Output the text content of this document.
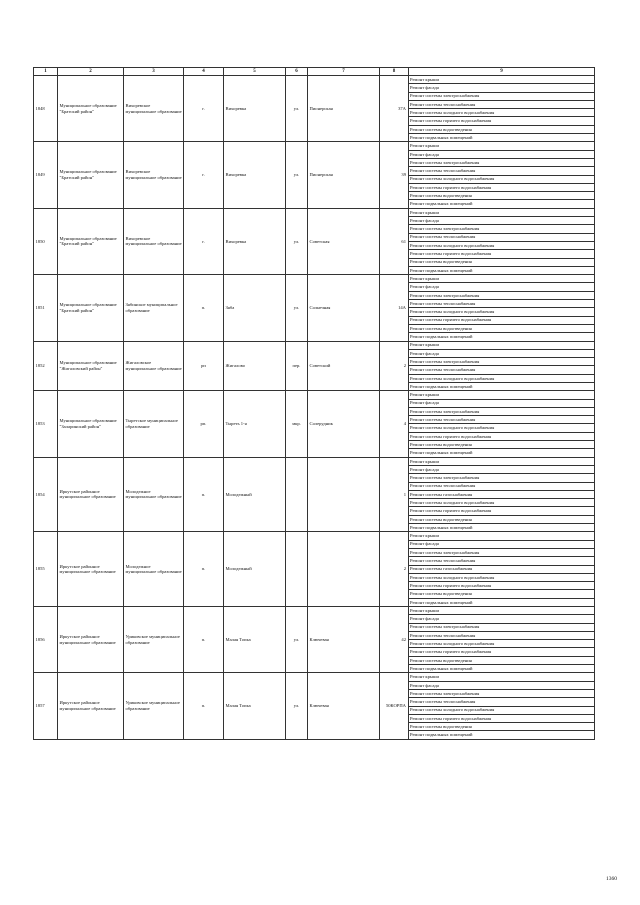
1	2	3	4	5	6	7	8	9
1848	Муниципальное образование "Братский район"	Вихоревское муниципальное образование	г.	Вихоревка	ул.	Пионерская	37А	Ремонт крыши
								Ремонт фасада
								Ремонт системы электроснабжения
								Ремонт системы теплоснабжения
								Ремонт системы холодного водоснабжения
								Ремонт системы горячего водоснабжения
								Ремонт системы водоотведения
								Ремонт подвальных помещений
1849	Муниципальное образование "Братский район"	Вихоревское муниципальное образование	г.	Вихоревка	ул.	Пионерская	39	Ремонт крыши
								Ремонт фасада
								Ремонт системы электроснабжения
								Ремонт системы теплоснабжения
								Ремонт системы холодного водоснабжения
								Ремонт системы горячего водоснабжения
								Ремонт системы водоотведения
								Ремонт подвальных помещений
1850	Муниципальное образование "Братский район"	Вихоревское муниципальное образование	г.	Вихоревка	ул.	Советская	61	Ремонт крыши
								Ремонт фасада
								Ремонт системы электроснабжения
								Ремонт системы теплоснабжения
								Ремонт системы холодного водоснабжения
								Ремонт системы горячего водоснабжения
								Ремонт системы водоотведения
								Ремонт подвальных помещений
1851	Муниципальное образование "Братский район"	Зябинское муниципальное образование	п.	Зяба	ул.	Солнечная	14А	Ремонт крыши
								Ремонт фасада
								Ремонт системы электроснабжения
								Ремонт системы теплоснабжения
								Ремонт системы холодного водоснабжения
								Ремонт системы горячего водоснабжения
								Ремонт системы водоотведения
								Ремонт подвальных помещений
1852	Муниципальное образование "Жигаловский район"	Жигаловское муниципальное образование	рп	Жигалово	пер.	Советский	2	Ремонт крыши
								Ремонт фасада
								Ремонт системы электроснабжения
								Ремонт системы теплоснабжения
								Ремонт системы холодного водоснабжения
								Ремонт подвальных помещений
1853	Муниципальное образование "Заларинский район"	Тыретское муниципальное образование	рп.	Тыреть 1-я	мкр.	Солерудник	4	Ремонт крыши
								Ремонт фасада
								Ремонт системы электроснабжения
								Ремонт системы теплоснабжения
								Ремонт системы холодного водоснабжения
								Ремонт системы горячего водоснабжения
								Ремонт системы водоотведения
								Ремонт подвальных помещений
1854	Иркутское районное муниципальное образование	Молодежное муниципальное образование	п.	Молодежный			1	Ремонт крыши
								Ремонт фасада
								Ремонт системы электроснабжения
								Ремонт системы теплоснабжения
								Ремонт системы газоснабжения
								Ремонт системы холодного водоснабжения
								Ремонт системы горячего водоснабжения
								Ремонт системы водоотведения
								Ремонт подвальных помещений
1855	Иркутское районное муниципальное образование	Молодежное муниципальное образование	п.	Молодежный			2	Ремонт крыши
								Ремонт фасада
								Ремонт системы электроснабжения
								Ремонт системы теплоснабжения
								Ремонт системы газоснабжения
								Ремонт системы холодного водоснабжения
								Ремонт системы горячего водоснабжения
								Ремонт системы водоотведения
								Ремонт подвальных помещений
1856	Иркутское районное муниципальное образование	Уриковское муниципальное образование	п.	Малая Топка	ул.	Ключевая	42	Ремонт крыши
								Ремонт фасада
								Ремонт системы электроснабжения
								Ремонт системы теплоснабжения
								Ремонт системы холодного водоснабжения
								Ремонт системы горячего водоснабжения
								Ремонт системы водоотведения
								Ремонт подвальных помещений
1857	Иркутское районное муниципальное образование	Уриковское муниципальное образование	п.	Малая Топка	ул.	Ключевая	50КОРПА	Ремонт крыши
								Ремонт фасада
								Ремонт системы электроснабжения
								Ремонт системы теплоснабжения
								Ремонт системы холодного водоснабжения
								Ремонт системы горячего водоснабжения
								Ремонт системы водоотведения
								Ремонт подвальных помещений
1360
